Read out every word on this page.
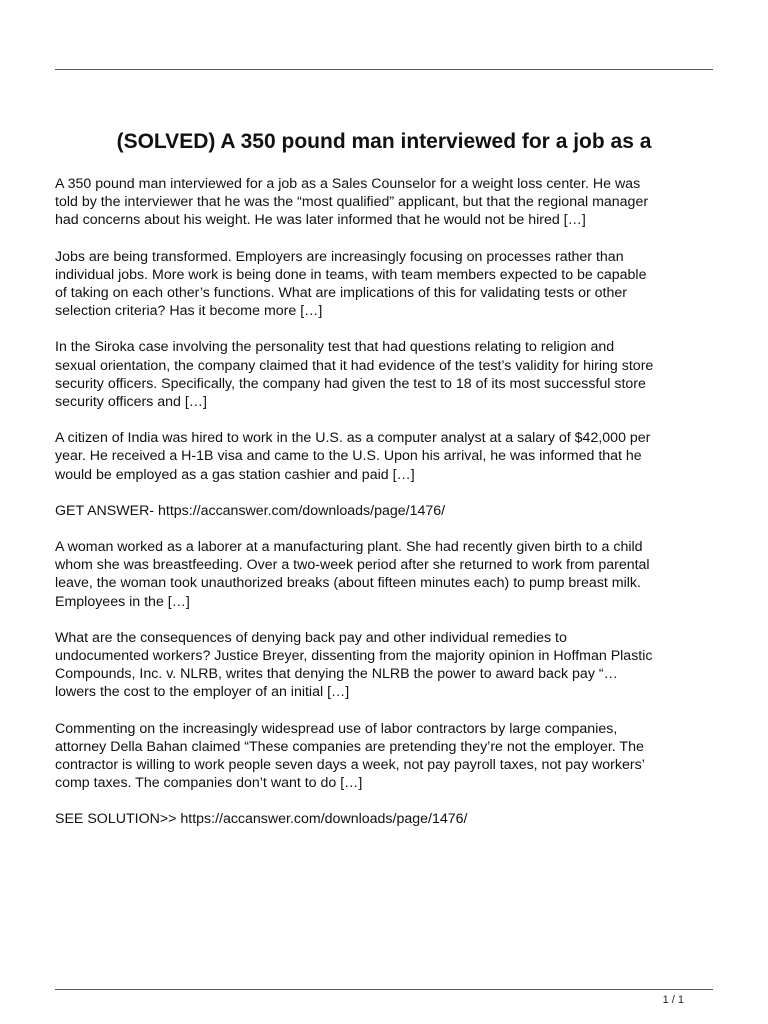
(SOLVED) A 350 pound man interviewed for a job as a

A 350 pound man interviewed for a job as a Sales Counselor for a weight loss center. He was
told by the interviewer that he was the “most qualified” applicant, but that the regional manager
had concerns about his weight. He was later informed that he would not be hired […]

Jobs are being transformed. Employers are increasingly focusing on processes rather than
individual jobs. More work is being done in teams, with team members expected to be capable
of taking on each other’s functions. What are implications of this for validating tests or other
selection criteria? Has it become more […]

In the Siroka case involving the personality test that had questions relating to religion and
sexual orientation, the company claimed that it had evidence of the test’s validity for hiring store
security officers. Specifically, the company had given the test to 18 of its most successful store
security officers and […]

A citizen of India was hired to work in the U.S. as a computer analyst at a salary of $42,000 per
year. He received a H-1B visa and came to the U.S. Upon his arrival, he was informed that he
would be employed as a gas station cashier and paid […]

GET ANSWER- https://accanswer.com/downloads/page/1476/

A woman worked as a laborer at a manufacturing plant. She had recently given birth to a child
whom she was breastfeeding. Over a two-week period after she returned to work from parental
leave, the woman took unauthorized breaks (about fifteen minutes each) to pump breast milk.
Employees in the […]

What are the consequences of denying back pay and other individual remedies to
undocumented workers? Justice Breyer, dissenting from the majority opinion in Hoffman Plastic
Compounds, Inc. v. NLRB, writes that denying the NLRB the power to award back pay “…
lowers the cost to the employer of an initial […]

Commenting on the increasingly widespread use of labor contractors by large companies,
attorney Della Bahan claimed “These companies are pretending they’re not the employer. The
contractor is willing to work people seven days a week, not pay payroll taxes, not pay workers’
comp taxes. The companies don’t want to do […]

SEE SOLUTION>> https://accanswer.com/downloads/page/1476/

1 / 1
